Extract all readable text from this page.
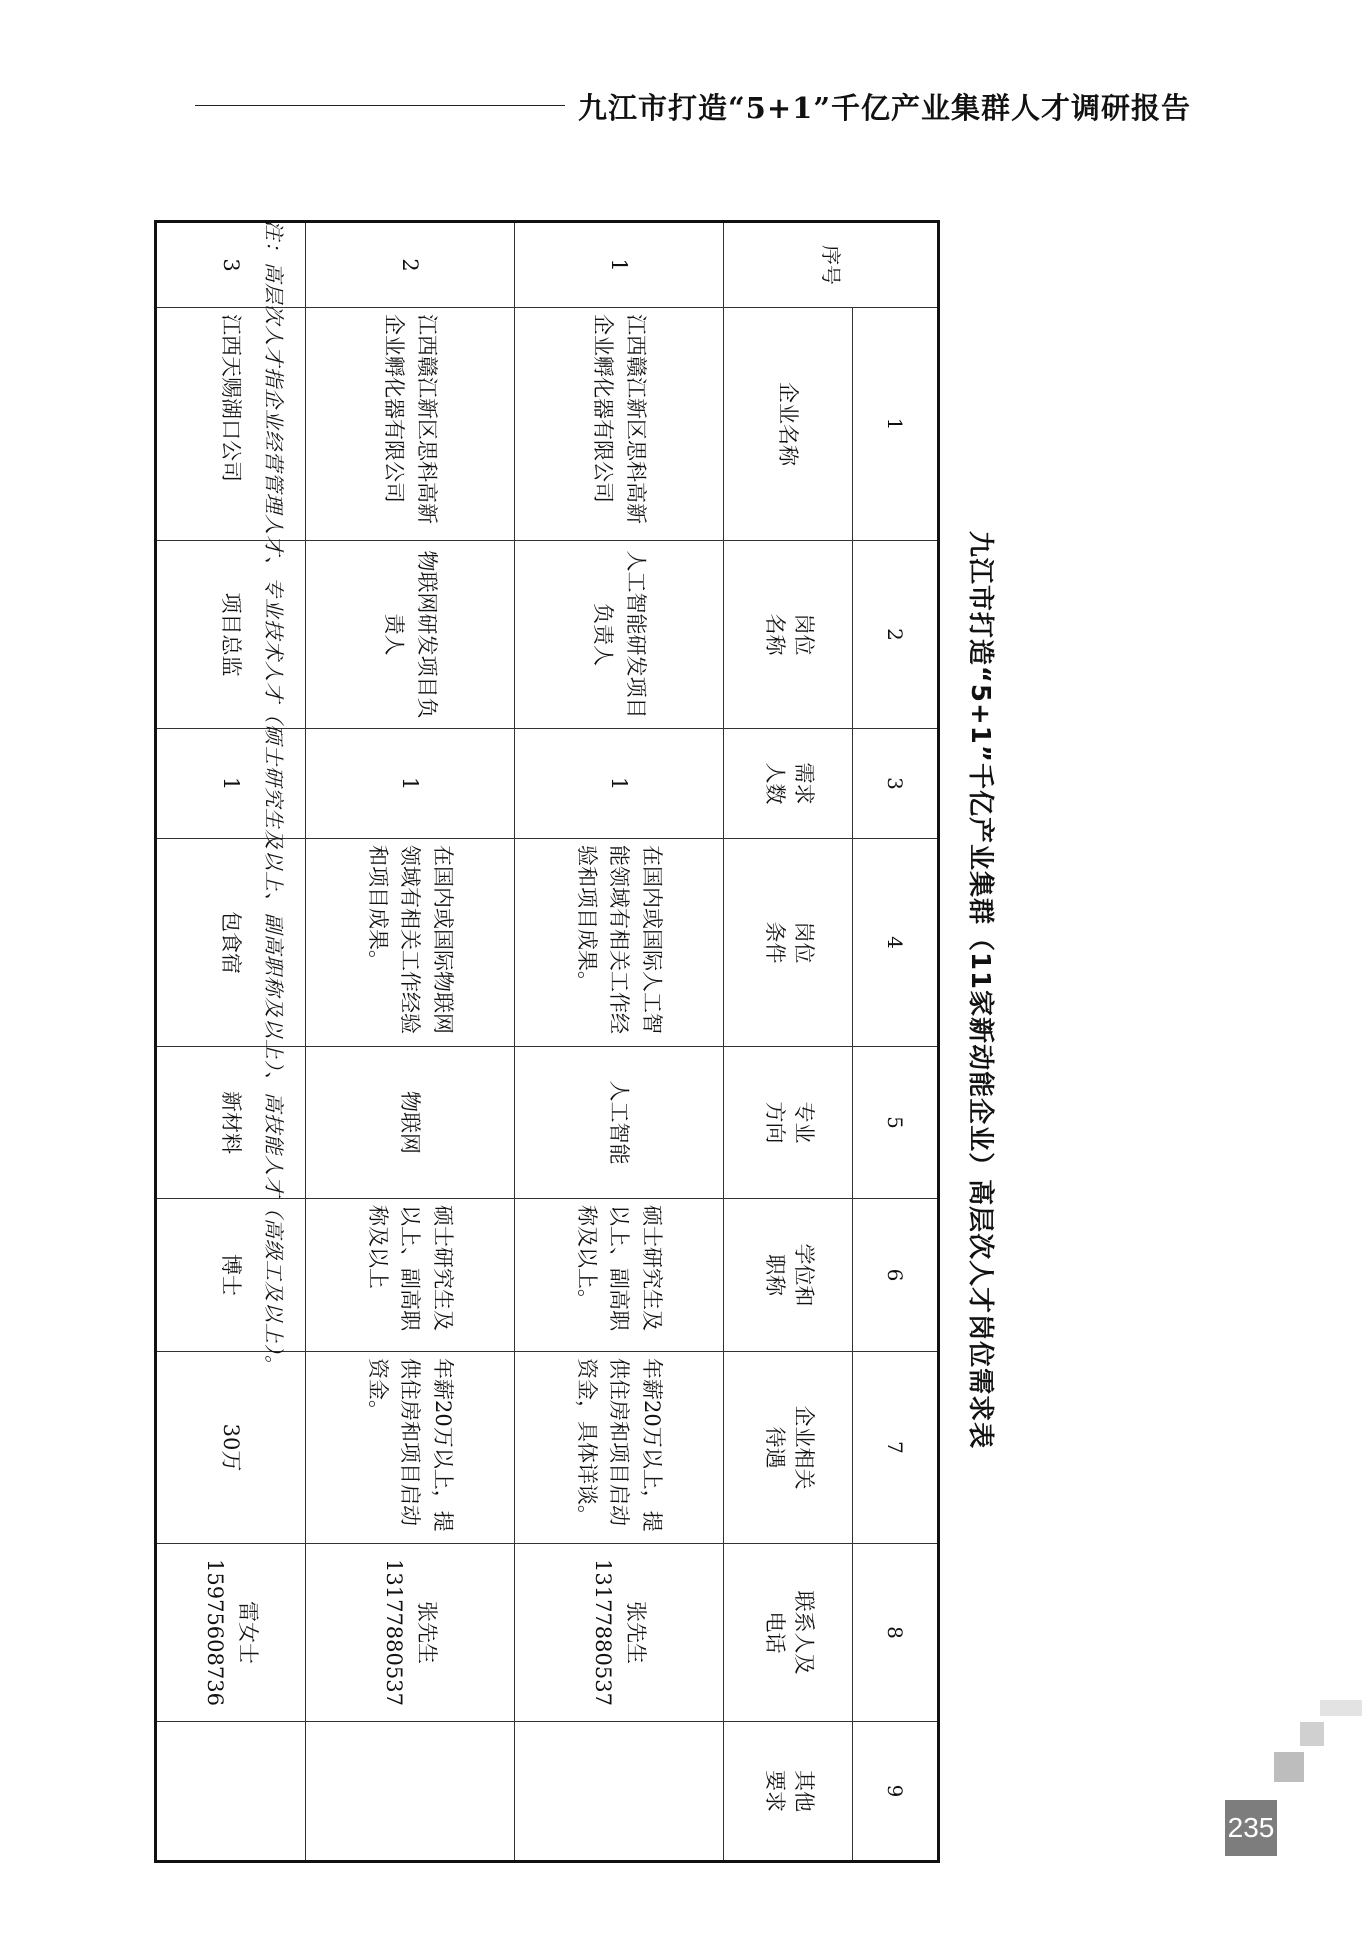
九江市打造“5+1”千亿产业集群人才调研报告
九江市打造“5+1”千亿产业集群（11家新动能企业）高层次人才岗位需求表
序号	1	2	3	4	5	6	7	8	9
	企业名称	岗位名称	需求人数	岗位条件	专业方向	学位和职称	企业相关待遇	联系人及电话	其他要求
1	江西赣江新区思科高新企业孵化器有限公司	人工智能研发项目负责人	1	在国内或国际人工智能领域有相关工作经验和项目成果。	人工智能	硕士研究生及以上、副高职称及以上。	年薪20万以上，提供住房和项目启动资金，具体详谈。	张先生
13177880537	

2	江西赣江新区思科高新企业孵化器有限公司	物联网研发项目负责人	1	在国内或国际物联网领域有相关工作经验和项目成果。	物联网	硕士研究生及以上、副高职称及以上	年薪20万以上，提供住房和项目启动资金。	张先生
13177880537	

3	江西天赐湖口公司	项目总监	1	包食宿	新材料	博士	30万	雷女士
15975608736	

注：高层次人才指企业经营管理人才、专业技术人才（硕士研究生及以上、副高职称及以上）、高技能人才（高级工及以上）。
235
